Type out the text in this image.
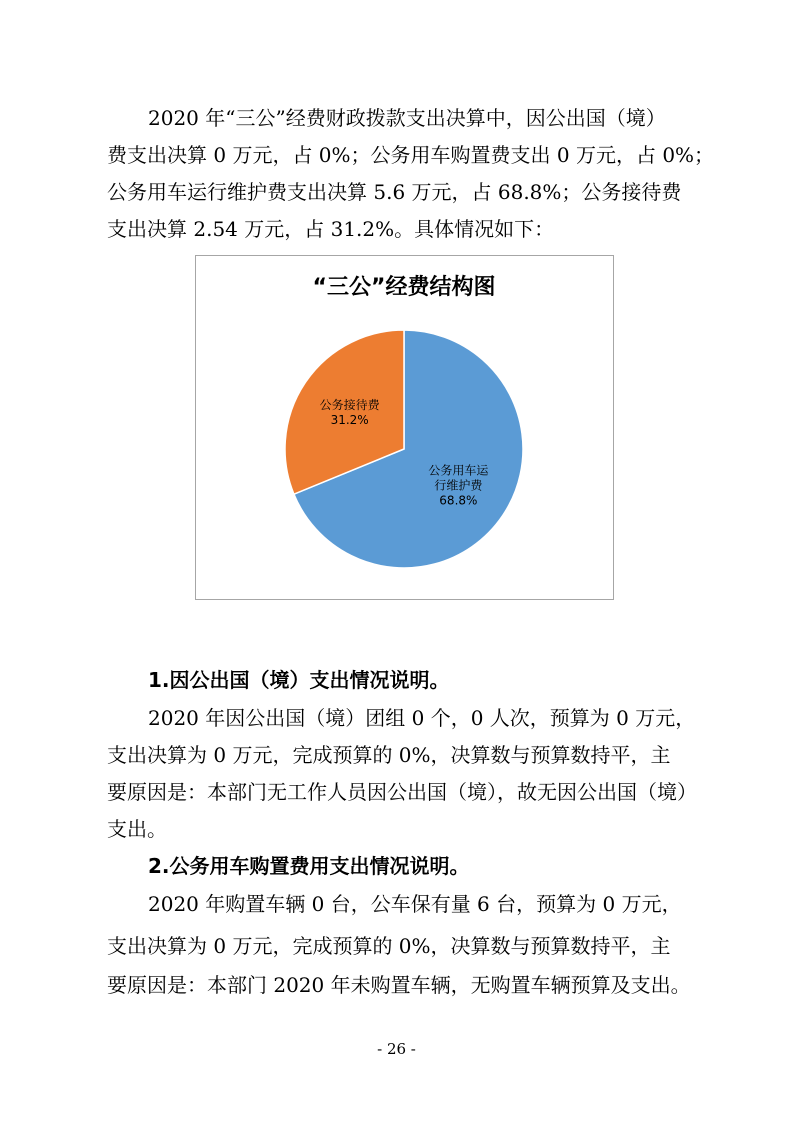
2020 年“三公”经费财政拨款支出决算中，因公出国（境）
费支出决算 0 万元，占 0%；公务用车购置费支出 0 万元，占 0%；
公务用车运行维护费支出决算 5.6 万元，占 68.8%；公务接待费
支出决算 2.54 万元，占 31.2%。具体情况如下：
“三公”经费结构图
公务用车运
行维护费
68.8%
公务接待费
31.2%
1.因公出国（境）支出情况说明。
2020 年因公出国（境）团组 0 个，0 人次，预算为 0 万元，
支出决算为 0 万元，完成预算的 0%，决算数与预算数持平，主
要原因是：本部门无工作人员因公出国（境），故无因公出国（境）
支出。
2.公务用车购置费用支出情况说明。
2020 年购置车辆 0 台，公车保有量 6 台，预算为 0 万元，
支出决算为 0 万元，完成预算的 0%，决算数与预算数持平，主
要原因是：本部门 2020 年未购置车辆，无购置车辆预算及支出。
- 26 -
